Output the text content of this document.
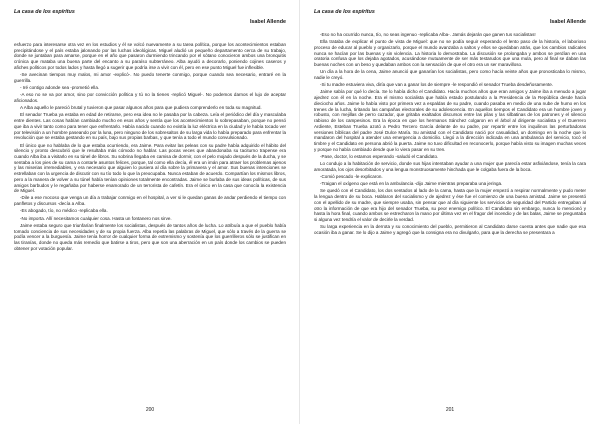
La casa de los espíritus
Isabel Allende

esfuerzo para interesarse otra vez en los estudios y él se volcó nuevamente a su tarea política, porque los acontecimientos estaban precipitándose y el país estaba jalonando por las luchas ideológicas. Miguel aludió un pequeño departamento cerca de su trabajo, donde se juntaban para amarse, porque en el año que pasaron durmiendo trincando por el sótano conocieron ambos una bronquitis crónica que mataba una buena parte del encanto a su paraíso subterráneo. Alba ayudó a decorarlo, poniendo cojines caseros y afiches políticos por todos lados y hasta llegó a sugerir que podría irse a vivir con él, pero en ese punto Miguel fue inflexible.

-Se avecinan tiempos muy malos, mi amor -explicó-. No puedo tenerte conmigo, porque cuando sea necesario, entraré en la guerrilla.

- Iré contigo adonde sea -prometió ella.

-A eso no se va por amor, sino por convicción política y tú no la tienes -replicó Miguel-. No podemos darnos el lujo de aceptar aficionados.

A Alba aquello le pareció brutal y tuvieron que pasar algunos años para que pudiera comprenderlo en toda su magnitud.

El senador Trueba ya estaba en edad de retirarse, pero esa idea no le pasaba por la cabeza. Leía el periódico del día y masculaba entre dientes. Las cosas habían cambiado mucho en esos años y sentía que los acontecimientos lo sobrepasaban, porque no pensó que iba a vivir tanto como para tener que enfrentarlo. Había nacido cuando no existía la luz eléctrica en la ciudad y le había tocado ver por televisión a un hombre paseando por la luna, pero ninguno de los sobresaltos de su larga vida lo había preparado para enfrentar la revolución que se estaba gestando en su país, bajo sus propias barbas, y que tenía a todo el mundo convulsionado.

El único que no hablaba de lo que estaba ocurriendo, era Jaime. Para evitar las peleas con su padre había adquirido el hábito del silencio y pronto descubrió que le resultaba más cómodo no hablar. Las pocas veces que abandonaba su taciturno trapense era cuando Alba iba a visitarlo en su túnel de libros. Su sobrina llegaba en camisa de dormir, con el pelo mojado después de la ducha, y se sentaba a los pies de su cama a contarle asuntos felices, porque, tal como ella decía, él era un imán para atraer los problemas ajenos y las miserias irremediables, y era necesario que alguien lo pusiera al día sobre la primavera y el amor. Sus buenas intenciones se estrellaban con la urgencia de discutir con su tío todo lo que la preocupaba. Nunca estaban de acuerdo. Compartían los mismos libros, pero a la manera de volver a su túnel había tenían opiniones totalmente encontradas. Jaime se burlaba de sus ideas políticas, de sus amigos barbudos y le regañaba por haberse enamorado de un terrorista de cafetín. Era el único en la casa que conocía la existencia de Miguel.

-Dile a ese mocoso que venga un día a trabajar conmigo en el hospital, a ver si le quedan ganas de andar perdiendo el tiempo con panfletos y discursos -decía a Alba.

-Es abogado, tío, no médico -replicaba ella.

-No importa. Allí necesitamos cualquier cosa. Hasta un fontanero nos sirve.

Jaime estaba seguro que triunfarían finalmente los socialistas, después de tantos años de lucha. Lo atribuía a que el pueblo había tomado conciencia de sus necesidades y de su propia fuerza. Alba repetía las palabras de Miguel, que sólo a través de la guerra se podía vencer a la burguesía. Jaime tenía horror de cualquier forma de extremismo y sostenía que los guerrilleros sólo se justifican en las tiranías, donde no queda más remedio que batirse a tiros, pero que son una aberración en un país donde los cambios se pueden obtener por votación popular.

200
La casa de los espíritus
Isabel Allende

-Eso no ha ocurrido nunca, tío, no seas ingenuo -replicaba Alba-. Jamás dejarán que ganen tus socialistas!

Ella trataba de explicar el punto de vista de Miguel: que no se podía seguir esperando el lento paso de la historia, el laborioso proceso de educar al pueblo y organizarlo, porque el mundo avanzaba a saltos y ellos se quedaban atrás, que los cambios radicales nunca se hacían por las buenas y sin violencia. La historia lo demostraba. La discusión se prolongaba y ambos se perdían en una oratoria confusa que los dejaba agotados, acusándose mutuamente de ser más testarudos que una mula, pero al final se daban las buenas noches con un beso y quedaban ambos con la sensación de que el otro era un ser maravilloso.

Un día a la hora de la cena, Jaime anunció que ganarían los socialistas, pero como hacía veinte años que pronosticaba lo mismo, nadie le creyó.

-Si tu madre estuviera viva, diría que van a ganar los de siempre -le respondió el senador Trueba desdeñosamente.

Jaime sabía por qué lo decía. Se lo había dicho el Candidato. Hacía muchos años que eran amigos y Jaime iba a menudo a jugar ajedrez con él en la noche. Era el mismo socialista que había estado postulando a la Presidencia de la República desde hacía dieciocho años. Jaime lo había visto por primera vez a espaldas de su padre, cuando pasaba en medio de una nube de humo en los trenes de la lucha, tiritando las campañas electorales de su adolescencia. En aquellos tiempos el Candidato era un hombre joven y robusto, con mejillas de perro cazador, que gritaba exaltados discursos entre las pilas y las silbatinas de los patrones y el silencio rabioso de los campesinos. Era la época en que los hermanos Sánchez colgaron en el árbol al dirigente socialista y el Guerrero Ardiente, Esteban Trueba azotó a Pedro Tercero García delante de su padre, por repartir entre los inquilinos las perturbadoras versiones bíblicas del padre José Dulce María. Su amistad con el Candidato nació por casualidad, un domingo en la noche que lo mandaron del hospital a atender una emergencia a domicilio. Llegó a la dirección indicada en una ambulancia del servicio, tocó el timbre y el Candidato en persona abrió la puerta. Jaime no tuvo dificultad en reconocerlo, porque había visto su imagen muchas veces y porque no había cambiado desde que lo viera pasar en su tren.

-Pase, doctor, lo estamos esperando -saludó el Candidato.

Lo condujo a la habitación de servicio, donde sus hijas intentaban ayudar a una mujer que parecía estar asfixiándose, tenía la cara amoratada, los ojos desorbitados y una lengua monstruosamente hinchada que le colgaba fuera de la boca.

-Comió pescado -le explicaron.

-Traigan el oxígeno que está en la ambulancia -dijo Jaime mientras preparaba una jeringa.

Se quedó con el Candidato, los dos sentados al lado de la cama, hasta que la mujer empezó a respirar normalmente y pudo meter la lengua dentro de su boca. Hablaron del socialismo y de ajedrez y ése fue el comienzo de una buena amistad. Jaime se presentó con el apellido de su madre, que siempre usaba, sin pensar que al día siguiente los servicios de seguridad del Partido entregaban al otro la información de que era hijo del senador Trueba, su peor enemigo político. El Candidato sin embargo, nunca lo mencionó y hasta la hora final, cuando ambos se estrecharon la mano por última vez en el fragor del incendio y de las balas, Jaime se preguntaba si alguna vez tendría el valor de decirle la verdad.

Su larga experiencia en la derrota y su conocimiento del pueblo, permitieron al Candidato darse cuenta antes que nadie que esa ocasión iba a ganar. Se lo dijo a Jaime y agregó que la consigna era no divulgarlo, para que la derecha se presentara a

201
